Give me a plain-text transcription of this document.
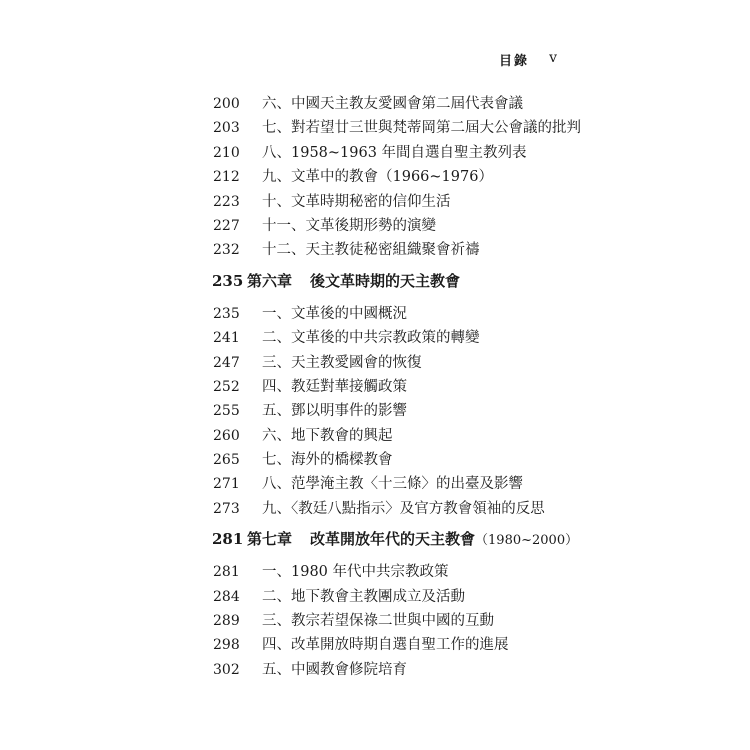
目錄 v
200	六、中國天主教友愛國會第二屆代表會議
203	七、對若望廿三世與梵蒂岡第二屆大公會議的批判
210	八、1958~1963 年間自選自聖主教列表
212	九、文革中的教會（1966~1976）
223	十、文革時期秘密的信仰生活
227	十一、文革後期形勢的演變
232	十二、天主教徒秘密組織聚會祈禱
235 第六章 後文革時期的天主教會
235	一、文革後的中國概況
241	二、文革後的中共宗教政策的轉變
247	三、天主教愛國會的恢復
252	四、教廷對華接觸政策
255	五、鄧以明事件的影響
260	六、地下教會的興起
265	七、海外的橋樑教會
271	八、范學淹主教〈十三條〉的出臺及影響
273	九、〈教廷八點指示〉及官方教會領袖的反思
281 第七章 改革開放年代的天主教會（1980~2000）
281	一、1980 年代中共宗教政策
284	二、地下教會主教團成立及活動
289	三、教宗若望保祿二世與中國的互動
298	四、改革開放時期自選自聖工作的進展
302	五、中國教會修院培育
